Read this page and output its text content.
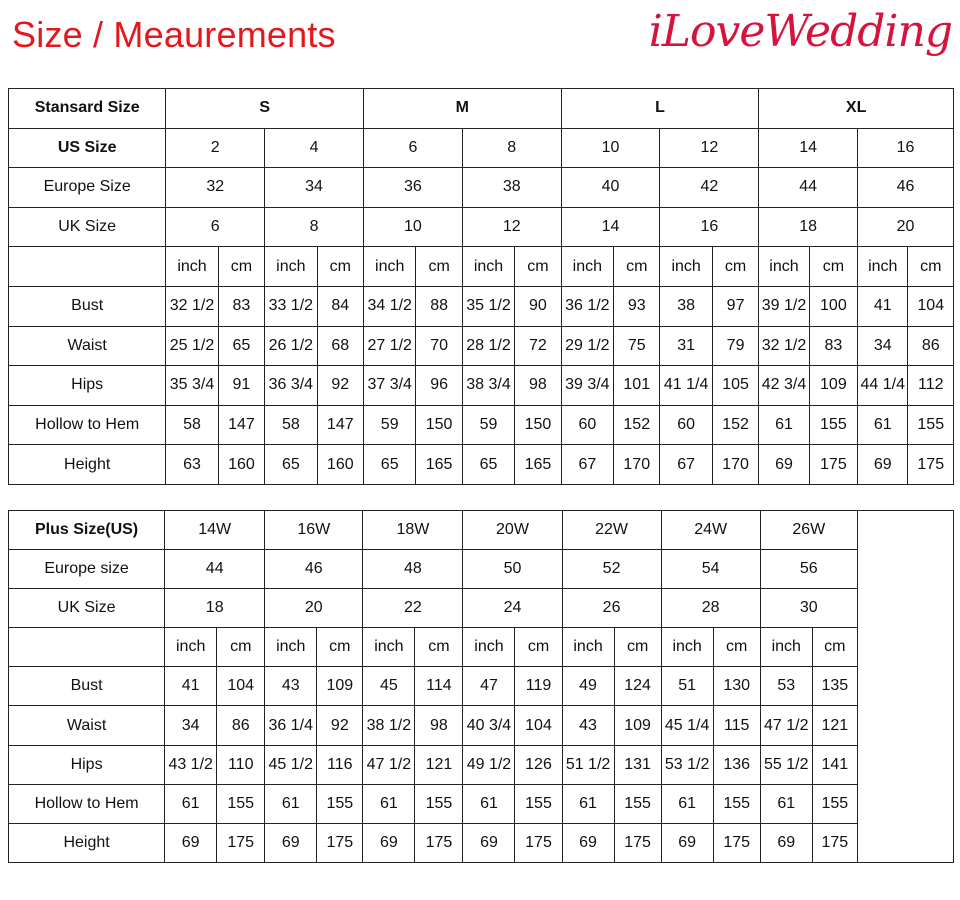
Size / Meaurements	iLoveWedding
Stansard Size	S				M				L				XL			
US Size	2		4		6		8		10		12		14		16	
Europe Size	32		34		36		38		40		42		44		46	
UK Size	6		8		10		12		14		16		18		20	
	inch	cm	inch	cm	inch	cm	inch	cm	inch	cm	inch	cm	inch	cm	inch	cm
Bust	32 1/2	83	33 1/2	84	34 1/2	88	35 1/2	90	36 1/2	93	38	97	39 1/2	100	41	104
Waist	25 1/2	65	26 1/2	68	27 1/2	70	28 1/2	72	29 1/2	75	31	79	32 1/2	83	34	86
Hips	35 3/4	91	36 3/4	92	37 3/4	96	38 3/4	98	39 3/4	101	41 1/4	105	42 3/4	109	44 1/4	112
Hollow to Hem	58	147	58	147	59	150	59	150	60	152	60	152	61	155	61	155
Height	63	160	65	160	65	165	65	165	67	170	67	170	69	175	69	175
Plus Size(US)	14W		16W		18W		20W		22W		24W		26W		
Europe size	44		46		48		50		52		54		56		
UK Size	18		20		22		24		26		28		30		
	inch	cm	inch	cm	inch	cm	inch	cm	inch	cm	inch	cm	inch	cm	
Bust	41	104	43	109	45	114	47	119	49	124	51	130	53	135	
Waist	34	86	36 1/4	92	38 1/2	98	40 3/4	104	43	109	45 1/4	115	47 1/2	121	
Hips	43 1/2	110	45 1/2	116	47 1/2	121	49 1/2	126	51 1/2	131	53 1/2	136	55 1/2	141	
Hollow to Hem	61	155	61	155	61	155	61	155	61	155	61	155	61	155	
Height	69	175	69	175	69	175	69	175	69	175	69	175	69	175	
